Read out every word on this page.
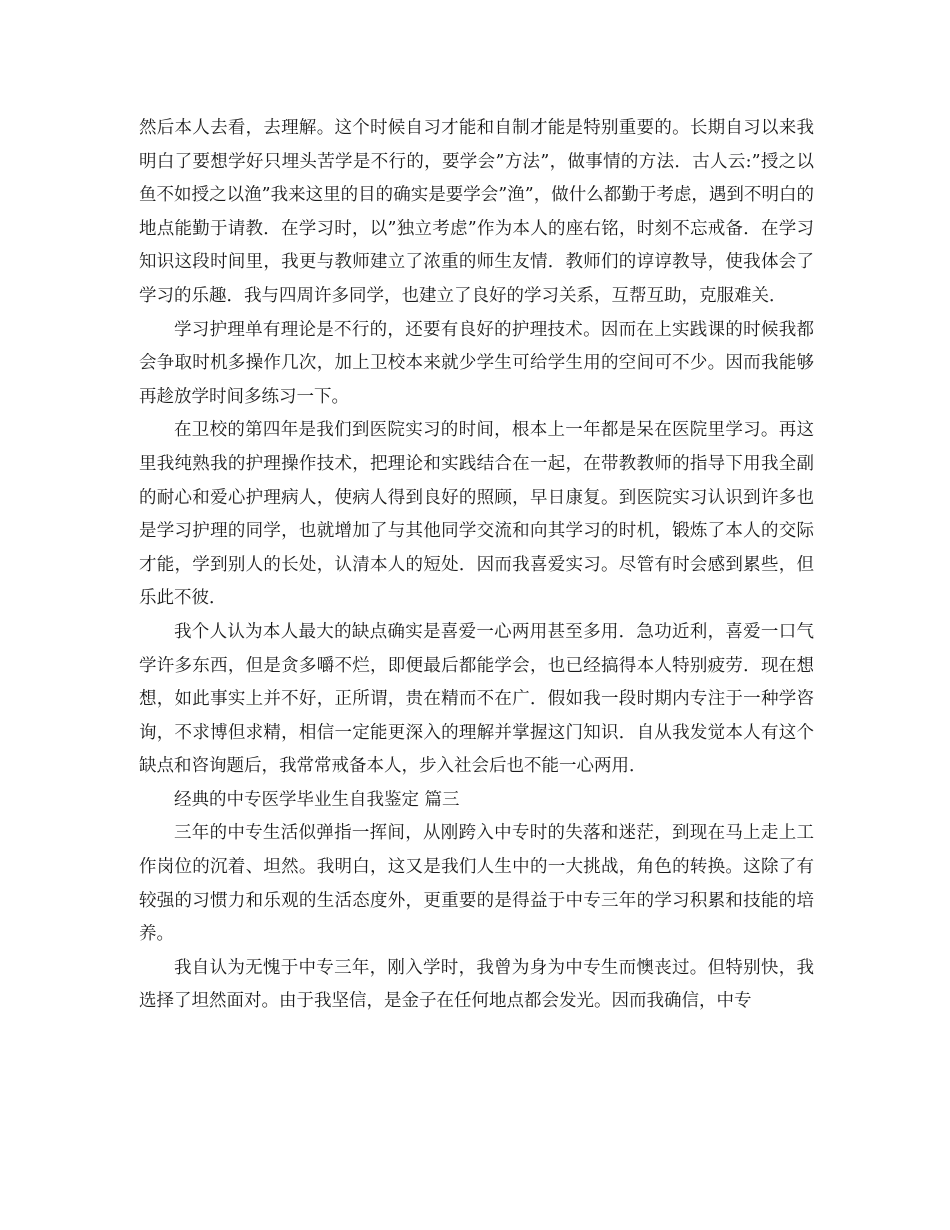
然后本人去看，去理解。这个时候自习才能和自制才能是特别重要的。长期自习以来我明白了要想学好只埋头苦学是不行的，要学会”方法”，做事情的方法．古人云:”授之以鱼不如授之以渔”我来这里的目的确实是要学会”渔”，做什么都勤于考虑，遇到不明白的地点能勤于请教．在学习时，以”独立考虑”作为本人的座右铭，时刻不忘戒备．在学习知识这段时间里，我更与教师建立了浓重的师生友情．教师们的谆谆教导，使我体会了学习的乐趣．我与四周许多同学，也建立了良好的学习关系，互帮互助，克服难关．

学习护理单有理论是不行的，还要有良好的护理技术。因而在上实践课的时候我都会争取时机多操作几次，加上卫校本来就少学生可给学生用的空间可不少。因而我能够再趁放学时间多练习一下。

在卫校的第四年是我们到医院实习的时间，根本上一年都是呆在医院里学习。再这里我纯熟我的护理操作技术，把理论和实践结合在一起，在带教教师的指导下用我全副的耐心和爱心护理病人，使病人得到良好的照顾，早日康复。到医院实习认识到许多也是学习护理的同学，也就增加了与其他同学交流和向其学习的时机，锻炼了本人的交际才能，学到别人的长处，认清本人的短处．因而我喜爱实习。尽管有时会感到累些，但乐此不彼．

我个人认为本人最大的缺点确实是喜爱一心两用甚至多用．急功近利，喜爱一口气学许多东西，但是贪多嚼不烂，即便最后都能学会，也已经搞得本人特别疲劳．现在想想，如此事实上并不好，正所谓，贵在精而不在广．假如我一段时期内专注于一种学咨询，不求博但求精，相信一定能更深入的理解并掌握这门知识．自从我发觉本人有这个缺点和咨询题后，我常常戒备本人，步入社会后也不能一心两用．

经典的中专医学毕业生自我鉴定 篇三

三年的中专生活似弹指一挥间，从刚跨入中专时的失落和迷茫，到现在马上走上工作岗位的沉着、坦然。我明白，这又是我们人生中的一大挑战，角色的转换。这除了有较强的习惯力和乐观的生活态度外，更重要的是得益于中专三年的学习积累和技能的培养。

我自认为无愧于中专三年，刚入学时，我曾为身为中专生而懊丧过。但特别快，我选择了坦然面对。由于我坚信，是金子在任何地点都会发光。因而我确信，中专
